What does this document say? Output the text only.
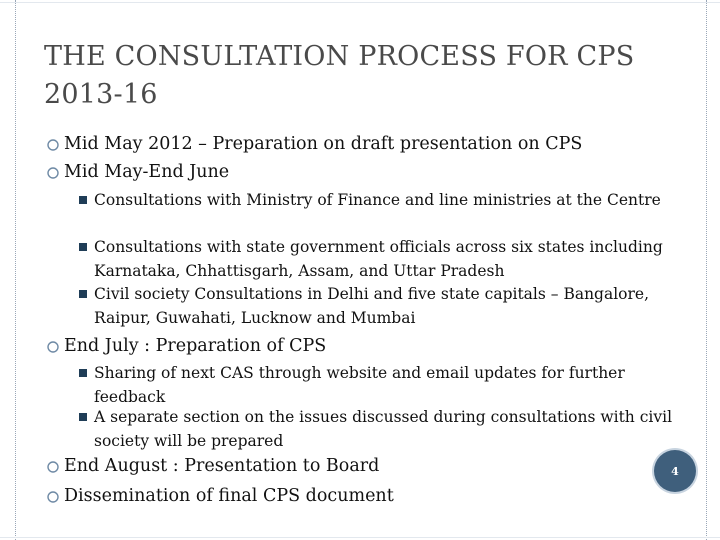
THE CONSULTATION PROCESS FOR CPS 2013-16
Mid May 2012 – Preparation on draft presentation on CPS
Mid May-End June
Consultations with Ministry of Finance and line ministries at the Centre
Consultations with state government officials across six states including Karnataka, Chhattisgarh, Assam, and Uttar Pradesh
Civil society Consultations in Delhi and five state capitals – Bangalore, Raipur, Guwahati, Lucknow and Mumbai
End July : Preparation of CPS
Sharing of next CAS through website and email updates for further feedback
A separate section on the issues discussed during consultations with civil society will be prepared
End August : Presentation to Board
Dissemination of final CPS document
4
